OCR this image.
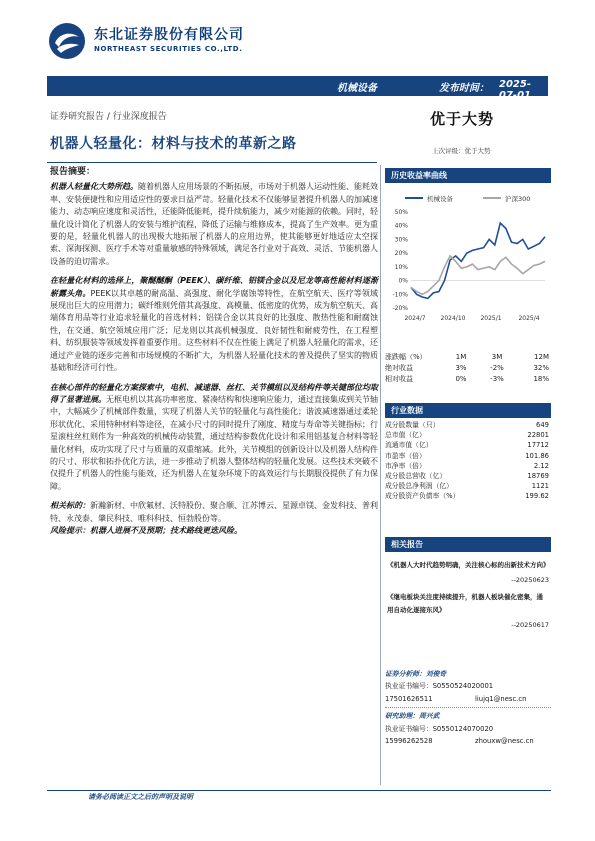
东北证券股份有限公司
NORTHEAST SECURITIES CO.,LTD.
机械设备	发布时间： 2025-07-01
证券研究报告 / 行业深度报告	优于大势
机器人轻量化：材料与技术的革新之路	上次评级：优于大势
报告摘要：

机器人轻量化大势所趋。随着机器人应用场景的不断拓展，市场对于机器人运动性能、能耗效率、安装便捷性和应用适应性的要求日益严苛。轻量化技术不仅能够显著提升机器人的加减速能力、动态响应速度和灵活性，还能降低能耗，提升续航能力，减少对能源的依赖。同时，轻量化设计简化了机器人的安装与维护流程，降低了运输与维修成本，提高了生产效率。更为重要的是，轻量化机器人的出现极大地拓展了机器人的应用边界，使其能够更好地适应太空探索、深海探测、医疗手术等对重量敏感的特殊领域，满足各行业对于高效、灵活、节能机器人设备的迫切需求。

在轻量化材料的选择上，聚醚醚酮（PEEK）、碳纤维、铝镁合金以及尼龙等高性能材料逐渐崭露头角。PEEK以其卓越的耐高温、高强度、耐化学腐蚀等特性，在航空航天、医疗等领域展现出巨大的应用潜力；碳纤维则凭借其高强度、高模量、低密度的优势，成为航空航天、高端体育用品等行业追求轻量化的首选材料；铝镁合金以其良好的比强度、散热性能和耐腐蚀性，在交通、航空领域应用广泛；尼龙则以其高机械强度、良好韧性和耐疲劳性，在工程塑料、纺织服装等领域发挥着重要作用。这些材料不仅在性能上满足了机器人轻量化的需求，还通过产业链的逐步完善和市场规模的不断扩大，为机器人轻量化技术的普及提供了坚实的物质基础和经济可行性。

在核心部件的轻量化方案探索中，电机、减速器、丝杠、关节模组以及结构件等关键部位均取得了显著进展。无框电机以其高功率密度、紧凑结构和快速响应能力，通过直接集成到关节轴中，大幅减少了机械部件数量，实现了机器人关节的轻量化与高性能化；谐波减速器通过柔轮形状优化、采用特种材料等途径，在减小尺寸的同时提升了刚度、精度与寿命等关键指标；行星滚柱丝杠则作为一种高效的机械传动装置，通过结构参数优化设计和采用铝基复合材料等轻量化材料，成功实现了尺寸与质量的双重缩减。此外，关节模组的创新设计以及机器人结构件的尺寸、形状和拓扑优化方法，进一步推动了机器人整体结构的轻量化发展。这些技术突破不仅提升了机器人的性能与能效，还为机器人在复杂环境下的高效运行与长期服役提供了有力保障。

相关标的：新瀚新材、中欣氟材、沃特股份、聚合顺、江苏博云、星源卓镁、金发科技、普利特、永茂泰、肇民科技、唯科科技、恒勃股份等。

风险提示：机器人进展不及预期；技术路线更迭风险。

历史收益率曲线
机械设备	沪深300
50%
40%
30%
20%
10%
0%
-10%
-20%
2024/7 2024/10 2025/1	2025/4
涨跌幅（%）	1M	3M	12M
绝对收益	3%	-2%	32%
相对收益	0%	-3%	18%
行业数据
成分股数量（只）	649
总市值（亿）	22801
流通市值（亿）	17712
市盈率（倍）	101.86
市净率（倍）	2.12
成分股总营收（亿）	18769
成分股总净利润（亿）	1121
成分股资产负债率（%）	199.62
相关报告
《机器人大时代趋势明确，关注核心标的出新技术方向》
--20250623
《继电板块关注度持续提升，机器人板块催化密集，通用自动化逐接东风》
--20250617
证券分析师：刘俊奇
执业证书编号： S0550524020001
17501626511	liujq1@nesc.cn
研究助理：周兴武
执业证书编号： S0550124070020
15996262528	zhouxw@nesc.cn
请务必阅读正文之后的声明及说明
